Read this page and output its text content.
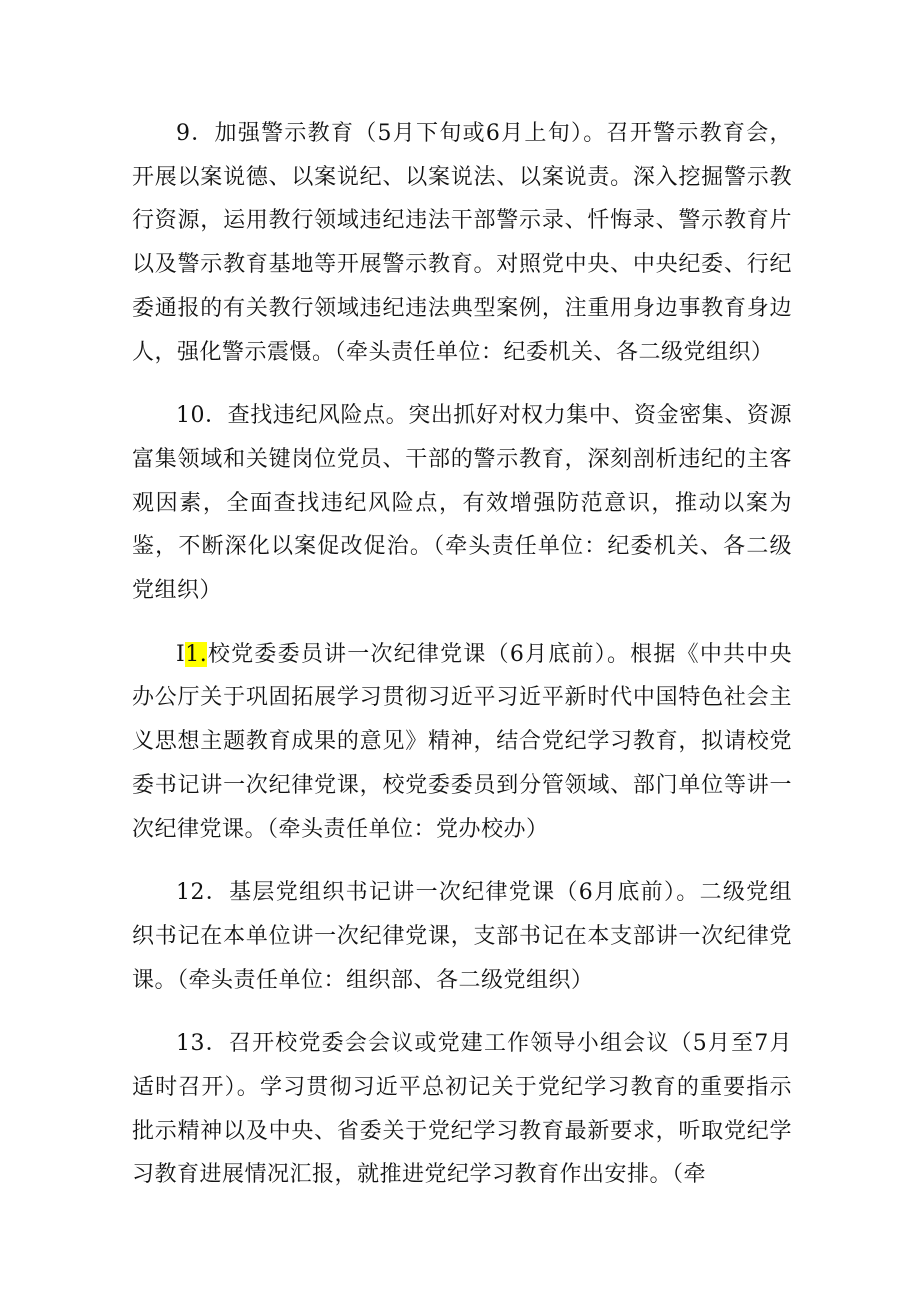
9．加强警示教育（5月下旬或6月上旬）。召开警示教育会，开展以案说德、以案说纪、以案说法、以案说责。深入挖掘警示教行资源，运用教行领域违纪违法干部警示录、忏悔录、警示教育片以及警示教育基地等开展警示教育。对照党中央、中央纪委、行纪委通报的有关教行领域违纪违法典型案例，注重用身边事教育身边人，强化警示震慑。（牵头责任单位：纪委机关、各二级党组织）

10．查找违纪风险点。突出抓好对权力集中、资金密集、资源富集领域和关键岗位党员、干部的警示教育，深刻剖析违纪的主客观因素，全面查找违纪风险点，有效增强防范意识，推动以案为鉴，不断深化以案促改促治。（牵头责任单位：纪委机关、各二级党组织）

I1.校党委委员讲一次纪律党课（6月底前）。根据《中共中央办公厅关于巩固拓展学习贯彻习近平习近平新时代中国特色社会主义思想主题教育成果的意见》精神，结合党纪学习教育，拟请校党委书记讲一次纪律党课，校党委委员到分管领域、部门单位等讲一次纪律党课。（牵头责任单位：党办校办）

12．基层党组织书记讲一次纪律党课（6月底前）。二级党组织书记在本单位讲一次纪律党课，支部书记在本支部讲一次纪律党课。（牵头责任单位：组织部、各二级党组织）

13．召开校党委会会议或党建工作领导小组会议（5月至7月适时召开）。学习贯彻习近平总初记关于党纪学习教育的重要指示批示精神以及中央、省委关于党纪学习教育最新要求，听取党纪学习教育进展情况汇报，就推进党纪学习教育作出安排。（牵
